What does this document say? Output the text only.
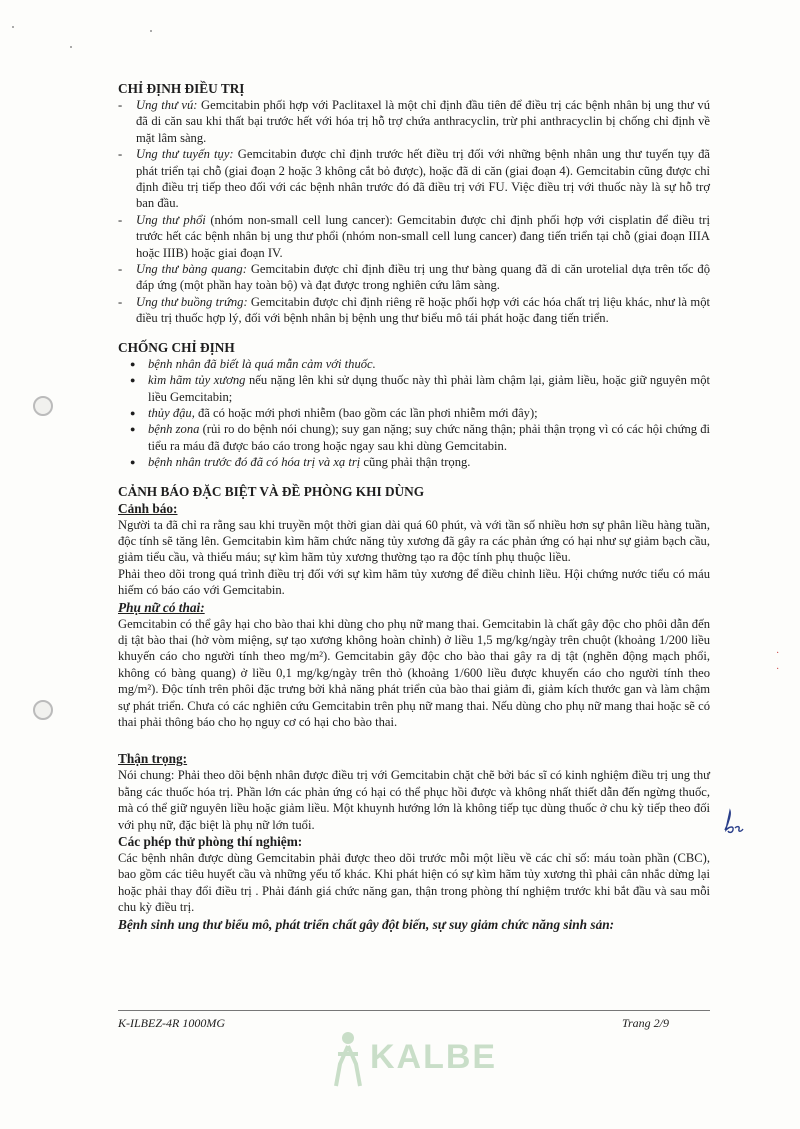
CHỈ ĐỊNH ĐIỀU TRỊ
- Ung thư vú: Gemcitabin phối hợp với Paclitaxel là một chỉ định đầu tiên để điều trị các bệnh nhân bị ung thư vú đã di căn sau khi thất bại trước hết với hóa trị hỗ trợ chứa anthracyclin, trừ phi anthracyclin bị chống chỉ định về mặt lâm sàng.
- Ung thư tuyến tụy: Gemcitabin được chỉ định trước hết điều trị đối với những bệnh nhân ung thư tuyến tụy đã phát triển tại chỗ (giai đoạn 2 hoặc 3 không cắt bỏ được), hoặc đã di căn (giai đoạn 4). Gemcitabin cũng được chỉ định điều trị tiếp theo đối với các bệnh nhân trước đó đã điều trị với FU. Việc điều trị với thuốc này là sự hỗ trợ ban đầu.
- Ung thư phổi (nhóm non-small cell lung cancer): Gemcitabin được chỉ định phối hợp với cisplatin để điều trị trước hết các bệnh nhân bị ung thư phổi (nhóm non-small cell lung cancer) đang tiến triển tại chỗ (giai đoạn IIIA hoặc IIIB) hoặc giai đoạn IV.
- Ung thư bàng quang: Gemcitabin được chỉ định điều trị ung thư bàng quang đã di căn urotelial dựa trên tốc độ đáp ứng (một phần hay toàn bộ) và đạt được trong nghiên cứu lâm sàng.
- Ung thư buồng trứng: Gemcitabin được chỉ định riêng rẽ hoặc phối hợp với các hóa chất trị liệu khác, như là một điều trị thuốc hợp lý, đối với bệnh nhân bị bệnh ung thư biểu mô tái phát hoặc đang tiến triển.
CHỐNG CHỈ ĐỊNH
● bệnh nhân đã biết là quá mẫn cảm với thuốc.
● kìm hãm tủy xương nếu nặng lên khi sử dụng thuốc này thì phải làm chậm lại, giảm liều, hoặc giữ nguyên một liều Gemcitabin;
● thủy đậu, đã có hoặc mới phơi nhiễm (bao gồm các lần phơi nhiễm mới đây);
● bệnh zona (rủi ro do bệnh nói chung); suy gan nặng; suy chức năng thận; phải thận trọng vì có các hội chứng đi tiểu ra máu đã được báo cáo trong hoặc ngay sau khi dùng Gemcitabin.
● bệnh nhân trước đó đã có hóa trị và xạ trị cũng phải thận trọng.
CẢNH BÁO ĐẶC BIỆT VÀ ĐỀ PHÒNG KHI DÙNG
Cảnh báo:

Người ta đã chỉ ra rằng sau khi truyền một thời gian dài quá 60 phút, và với tần số nhiều hơn sự phân liều hàng tuần, độc tính sẽ tăng lên. Gemcitabin kìm hãm chức năng tủy xương đã gây ra các phản ứng có hại như sự giảm bạch cầu, giảm tiểu cầu, và thiếu máu; sự kìm hãm tủy xương thường tạo ra độc tính phụ thuộc liều.

Phải theo dõi trong quá trình điều trị đối với sự kìm hãm tủy xương để điều chỉnh liều. Hội chứng nước tiểu có máu hiếm có báo cáo với Gemcitabin.

Phụ nữ có thai:

Gemcitabin có thể gây hại cho bào thai khi dùng cho phụ nữ mang thai. Gemcitabin là chất gây độc cho phôi dẫn đến dị tật bào thai (hở vòm miệng, sự tạo xương không hoàn chỉnh) ở liều 1,5 mg/kg/ngày trên chuột (khoảng 1/200 liều khuyến cáo cho người tính theo mg/m²). Gemcitabin gây độc cho bào thai gây ra dị tật (nghẽn động mạch phổi, không có bàng quang) ở liều 0,1 mg/kg/ngày trên thỏ (khoảng 1/600 liều được khuyến cáo cho người tính theo mg/m²). Độc tính trên phôi đặc trưng bởi khả năng phát triển của bào thai giảm đi, giảm kích thước gan và làm chậm sự phát triển. Chưa có các nghiên cứu Gemcitabin trên phụ nữ mang thai. Nếu dùng cho phụ nữ mang thai hoặc sẽ có thai phải thông báo cho họ nguy cơ có hại cho bào thai.

Thận trọng:

Nói chung: Phải theo dõi bệnh nhân được điều trị với Gemcitabin chặt chẽ bởi bác sĩ có kinh nghiệm điều trị ung thư bằng các thuốc hóa trị. Phần lớn các phản ứng có hại có thể phục hồi được và không nhất thiết dẫn đến ngừng thuốc, mà có thể giữ nguyên liều hoặc giảm liều. Một khuynh hướng lớn là không tiếp tục dùng thuốc ở chu kỳ tiếp theo đối với phụ nữ, đặc biệt là phụ nữ lớn tuổi.

Các phép thử phòng thí nghiệm:

Các bệnh nhân được dùng Gemcitabin phải được theo dõi trước mỗi một liều về các chỉ số: máu toàn phần (CBC), bao gồm các tiêu huyết cầu và những yếu tố khác. Khi phát hiện có sự kìm hãm tủy xương thì phải cân nhắc dừng lại hoặc phải thay đổi điều trị . Phải đánh giá chức năng gan, thận trong phòng thí nghiệm trước khi bắt đầu và sau mỗi chu kỳ điều trị.

Bệnh sinh ung thư biểu mô, phát triển chất gây đột biến, sự suy giảm chức năng sinh sản:
K-ILBEZ-4R 1000MG	Trang 2/9
KALBE
·
·
